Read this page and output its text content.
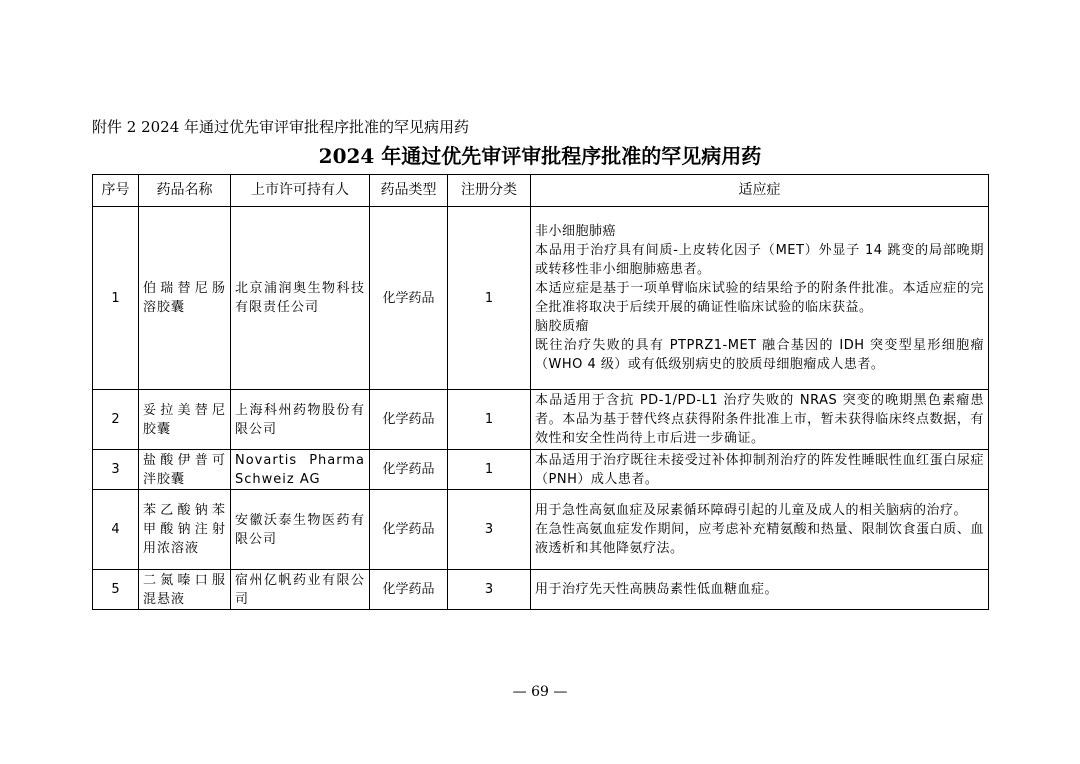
附件 2 2024 年通过优先审评审批程序批准的罕见病用药
2024 年通过优先审评审批程序批准的罕见病用药
序号	药品名称	上市许可持有人	药品类型	注册分类	适应症
1	伯瑞替尼肠溶胶囊	北京浦润奥生物科技有限责任公司	化学药品	1	非小细胞肺癌
本品用于治疗具有间质-上皮转化因子（MET）外显子 14 跳变的局部晚期或转移性非小细胞肺癌患者。
本适应症是基于一项单臂临床试验的结果给予的附条件批准。本适应症的完全批准将取决于后续开展的确证性临床试验的临床获益。
脑胶质瘤
既往治疗失败的具有 PTPRZ1-MET 融合基因的 IDH 突变型星形细胞瘤（WHO 4 级）或有低级别病史的胶质母细胞瘤成人患者。

2	妥拉美替尼胶囊	上海科州药物股份有限公司	化学药品	1	本品适用于含抗 PD-1/PD-L1 治疗失败的 NRAS 突变的晚期黑色素瘤患者。本品为基于替代终点获得附条件批准上市，暂未获得临床终点数据，有效性和安全性尚待上市后进一步确证。

3	盐酸伊普可泮胶囊	Novartis Pharma Schweiz AG	化学药品	1	本品适用于治疗既往未接受过补体抑制剂治疗的阵发性睡眠性血红蛋白尿症（PNH）成人患者。

4	苯乙酸钠苯甲酸钠注射用浓溶液	安徽沃泰生物医药有限公司	化学药品	3	用于急性高氨血症及尿素循环障碍引起的儿童及成人的相关脑病的治疗。
在急性高氨血症发作期间，应考虑补充精氨酸和热量、限制饮食蛋白质、血液透析和其他降氨疗法。

5	二氮嗪口服混悬液	宿州亿帆药业有限公司	化学药品	3	用于治疗先天性高胰岛素性低血糖血症。
— 69 —
